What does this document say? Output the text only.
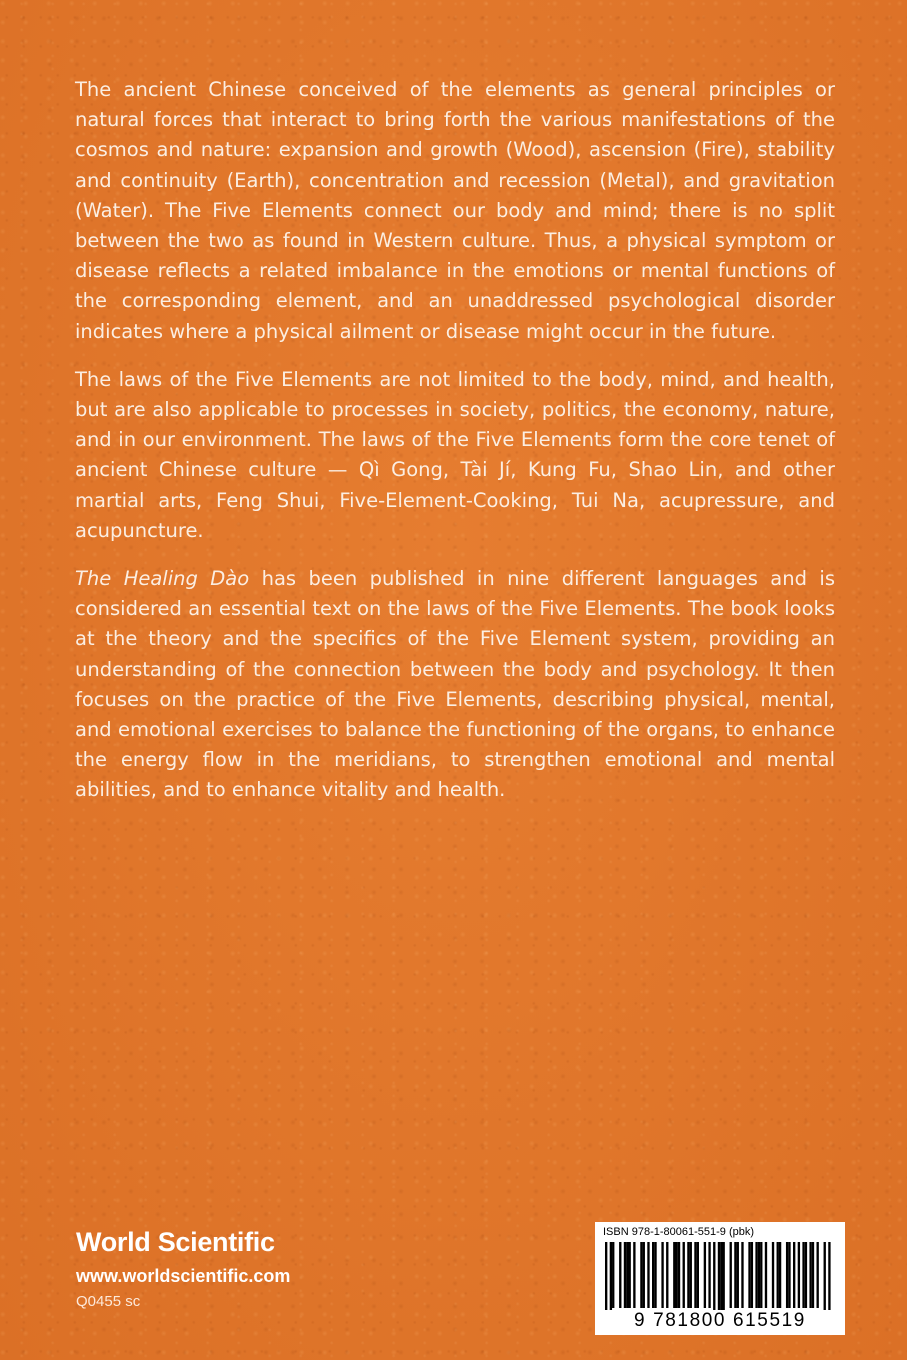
The ancient Chinese conceived of the elements as general principles or natural forces that interact to bring forth the various manifestations of the cosmos and nature: expansion and growth (Wood), ascension (Fire), stability and continuity (Earth), concentration and recession (Metal), and gravitation (Water). The Five Elements connect our body and mind; there is no split between the two as found in Western culture. Thus, a physical symptom or disease reflects a related imbalance in the emotions or mental functions of the corresponding element, and an unaddressed psychological disorder indicates where a physical ailment or disease might occur in the future.

The laws of the Five Elements are not limited to the body, mind, and health, but are also applicable to processes in society, politics, the economy, nature, and in our environment. The laws of the Five Elements form the core tenet of ancient Chinese culture — Qì Gong, Tài Jí, Kung Fu, Shao Lin, and other martial arts, Feng Shui, Five-Element-Cooking, Tui Na, acupressure, and acupuncture.

The Healing Dào has been published in nine different languages and is considered an essential text on the laws of the Five Elements. The book looks at the theory and the specifics of the Five Element system, providing an understanding of the connection between the body and psychology. It then focuses on the practice of the Five Elements, describing physical, mental, and emotional exercises to balance the functioning of the organs, to enhance the energy flow in the meridians, to strengthen emotional and mental abilities, and to enhance vitality and health.

World Scientific
www.worldscientific.com
Q0455 sc
ISBN 978-1-80061-551-9 (pbk)
9 781800 615519
